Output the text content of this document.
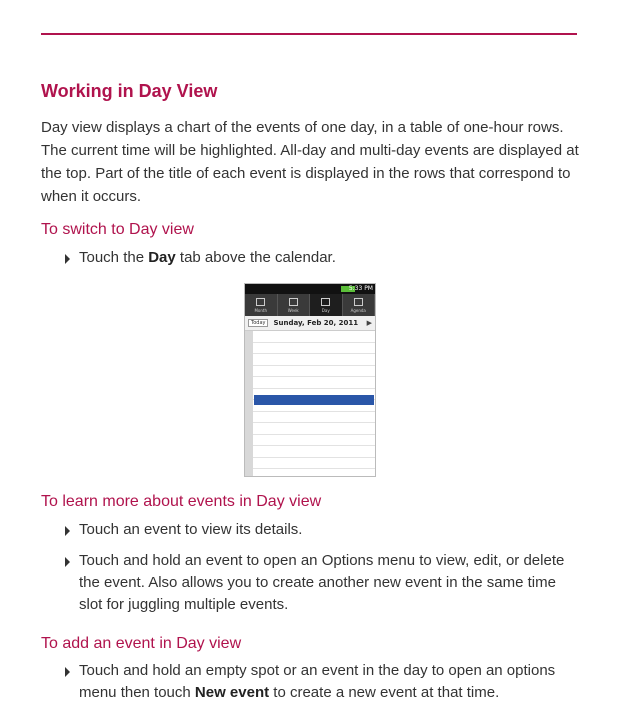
Working in Day View

Day view displays a chart of the events of one day, in a table of one-hour rows. The current time will be highlighted. All-day and multi-day events are displayed at the top. Part of the title of each event is displayed in the rows that correspond to when it occurs.

To switch to Day view

Touch the Day tab above the calendar.

5:33 PM
Month	Week	Day	Agenda
Today	Sunday, Feb 20, 2011 ▶
To learn more about events in Day view

Touch an event to view its details.

Touch and hold an event to open an Options menu to view, edit, or delete the event. Also allows you to create another new event in the same time slot for juggling multiple events.

To add an event in Day view

Touch and hold an empty spot or an event in the day to open an options menu then touch New event to create a new event at that time.
